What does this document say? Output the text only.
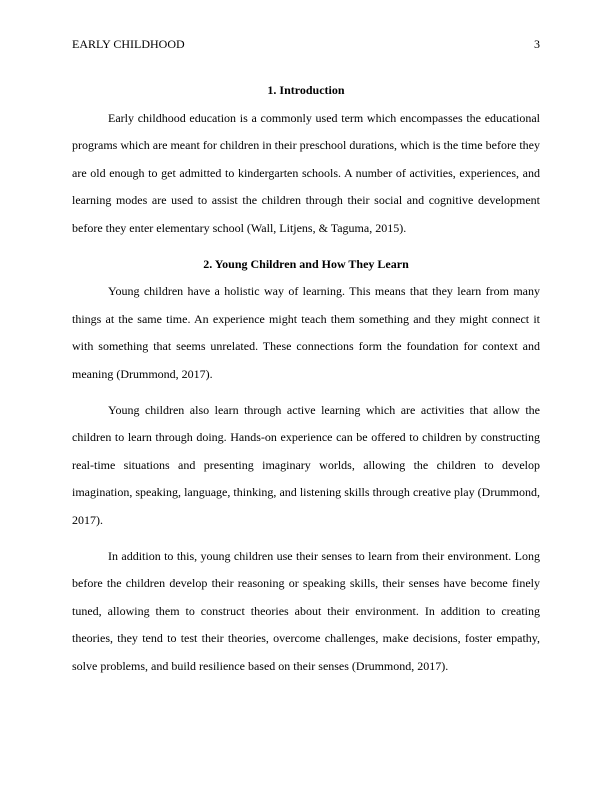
EARLY CHILDHOOD	3
1. Introduction

Early childhood education is a commonly used term which encompasses the educational programs which are meant for children in their preschool durations, which is the time before they are old enough to get admitted to kindergarten schools. A number of activities, experiences, and learning modes are used to assist the children through their social and cognitive development before they enter elementary school (Wall, Litjens, & Taguma, 2015).

2. Young Children and How They Learn

Young children have a holistic way of learning. This means that they learn from many things at the same time. An experience might teach them something and they might connect it with something that seems unrelated. These connections form the foundation for context and meaning (Drummond, 2017).

Young children also learn through active learning which are activities that allow the children to learn through doing. Hands-on experience can be offered to children by constructing real-time situations and presenting imaginary worlds, allowing the children to develop imagination, speaking, language, thinking, and listening skills through creative play (Drummond, 2017).

In addition to this, young children use their senses to learn from their environment. Long before the children develop their reasoning or speaking skills, their senses have become finely tuned, allowing them to construct theories about their environment. In addition to creating theories, they tend to test their theories, overcome challenges, make decisions, foster empathy, solve problems, and build resilience based on their senses (Drummond, 2017).
